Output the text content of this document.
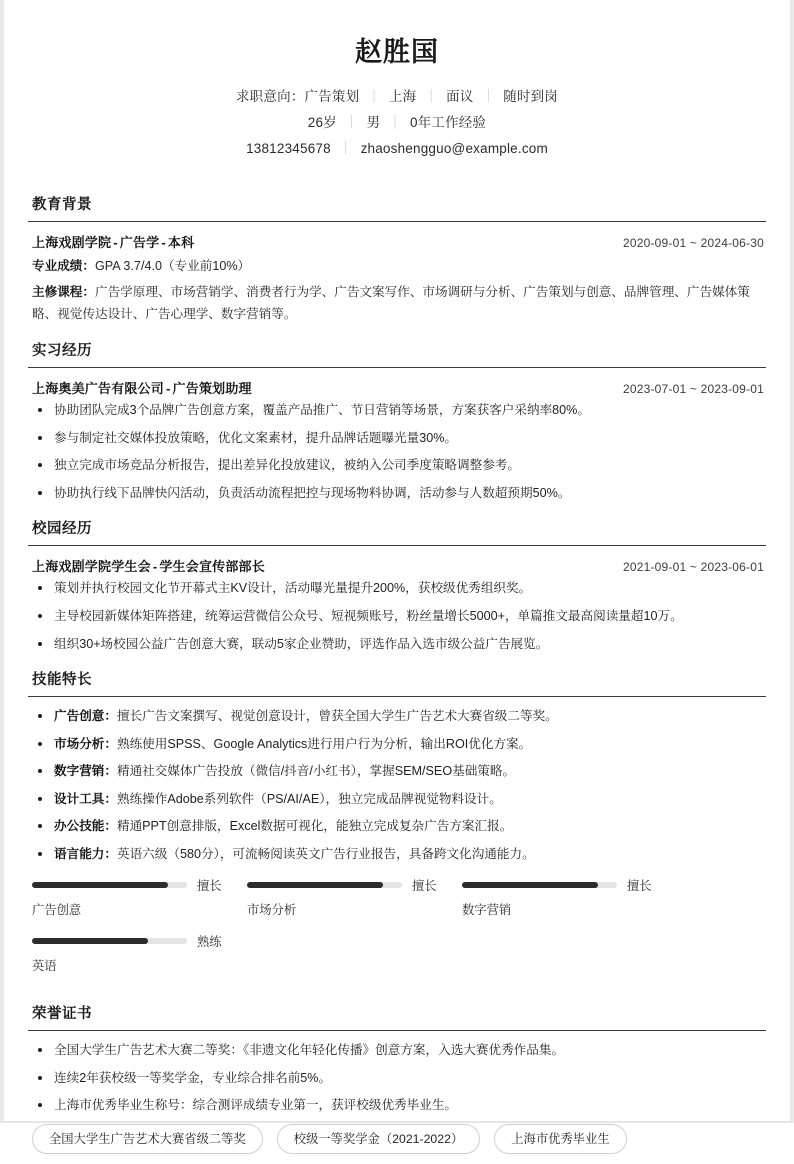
赵胜国
求职意向：广告策划 ｜ 上海 ｜ 面议 ｜ 随时到岗
26岁 ｜ 男 ｜ 0年工作经验
13812345678 ｜ zhaoshengguo@example.com
教育背景
上海戏剧学院 - 广告学 - 本科	2020-09-01 ~ 2024-06-30
专业成绩：GPA 3.7/4.0（专业前10%）
主修课程：广告学原理、市场营销学、消费者行为学、广告文案写作、市场调研与分析、广告策划与创意、品牌管理、广告媒体策略、视觉传达设计、广告心理学、数字营销等。
实习经历
上海奥美广告有限公司 - 广告策划助理	2023-07-01 ~ 2023-09-01
协助团队完成3个品牌广告创意方案，覆盖产品推广、节日营销等场景，方案获客户采纳率80%。
参与制定社交媒体投放策略，优化文案素材，提升品牌话题曝光量30%。
独立完成市场竞品分析报告，提出差异化投放建议，被纳入公司季度策略调整参考。
协助执行线下品牌快闪活动，负责活动流程把控与现场物料协调，活动参与人数超预期50%。
校园经历
上海戏剧学院学生会 - 学生会宣传部部长	2021-09-01 ~ 2023-06-01
策划并执行校园文化节开幕式主KV设计，活动曝光量提升200%，获校级优秀组织奖。
主导校园新媒体矩阵搭建，统筹运营微信公众号、短视频账号，粉丝量增长5000+，单篇推文最高阅读量超10万。
组织30+场校园公益广告创意大赛，联动5家企业赞助，评选作品入选市级公益广告展览。
技能特长
广告创意：擅长广告文案撰写、视觉创意设计，曾获全国大学生广告艺术大赛省级二等奖。
市场分析：熟练使用SPSS、Google Analytics进行用户行为分析，输出ROI优化方案。
数字营销：精通社交媒体广告投放（微信/抖音/小红书），掌握SEM/SEO基础策略。
设计工具：熟练操作Adobe系列软件（PS/AI/AE），独立完成品牌视觉物料设计。
办公技能：精通PPT创意排版，Excel数据可视化，能独立完成复杂广告方案汇报。
语言能力：英语六级（580分），可流畅阅读英文广告行业报告，具备跨文化沟通能力。
擅长
广告创意
擅长
市场分析
擅长
数字营销
熟练
英语
荣誉证书
全国大学生广告艺术大赛二等奖：《非遗文化年轻化传播》创意方案，入选大赛优秀作品集。
连续2年获校级一等奖学金，专业综合排名前5%。
上海市优秀毕业生称号：综合测评成绩专业第一，获评校级优秀毕业生。
全国大学生广告艺术大赛省级二等奖	校级一等奖学金（2021-2022）	上海市优秀毕业生
